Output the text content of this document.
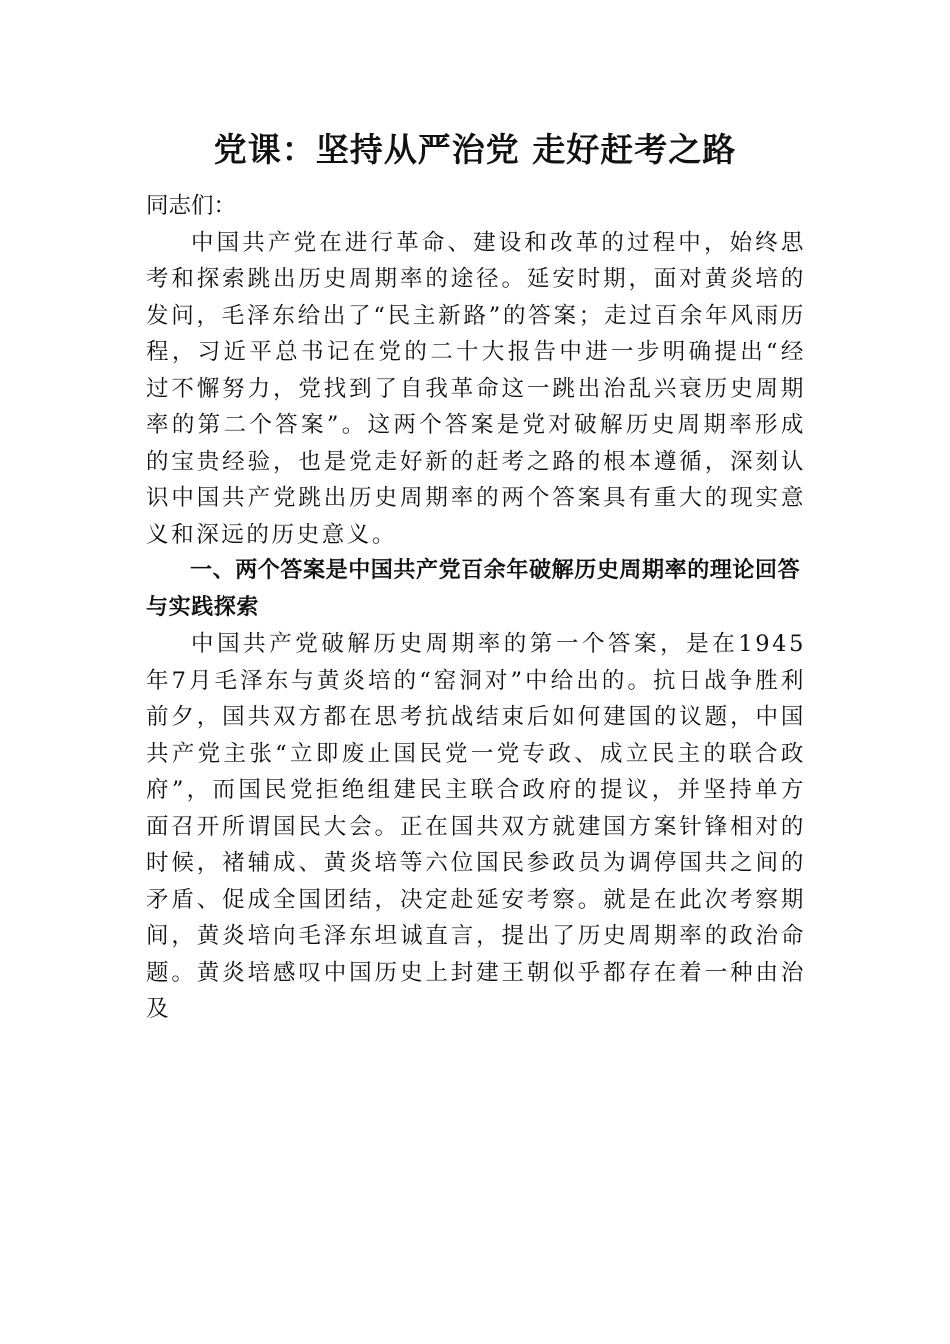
党课：坚持从严治党 走好赶考之路

同志们：

中国共产党在进行革命、建设和改革的过程中，始终思考和探索跳出历史周期率的途径。延安时期，面对黄炎培的发问，毛泽东给出了“民主新路”的答案；走过百余年风雨历程，习近平总书记在党的二十大报告中进一步明确提出“经过不懈努力，党找到了自我革命这一跳出治乱兴衰历史周期率的第二个答案”。这两个答案是党对破解历史周期率形成的宝贵经验，也是党走好新的赶考之路的根本遵循，深刻认识中国共产党跳出历史周期率的两个答案具有重大的现实意义和深远的历史意义。

一、两个答案是中国共产党百余年破解历史周期率的理论回答与实践探索

中国共产党破解历史周期率的第一个答案，是在1945年7月毛泽东与黄炎培的“窑洞对”中给出的。抗日战争胜利前夕，国共双方都在思考抗战结束后如何建国的议题，中国共产党主张“立即废止国民党一党专政、成立民主的联合政府”，而国民党拒绝组建民主联合政府的提议，并坚持单方面召开所谓国民大会。正在国共双方就建国方案针锋相对的时候，褚辅成、黄炎培等六位国民参政员为调停国共之间的矛盾、促成全国团结，决定赴延安考察。就是在此次考察期间，黄炎培向毛泽东坦诚直言，提出了历史周期率的政治命题。黄炎培感叹中国历史上封建王朝似乎都存在着一种由治及
